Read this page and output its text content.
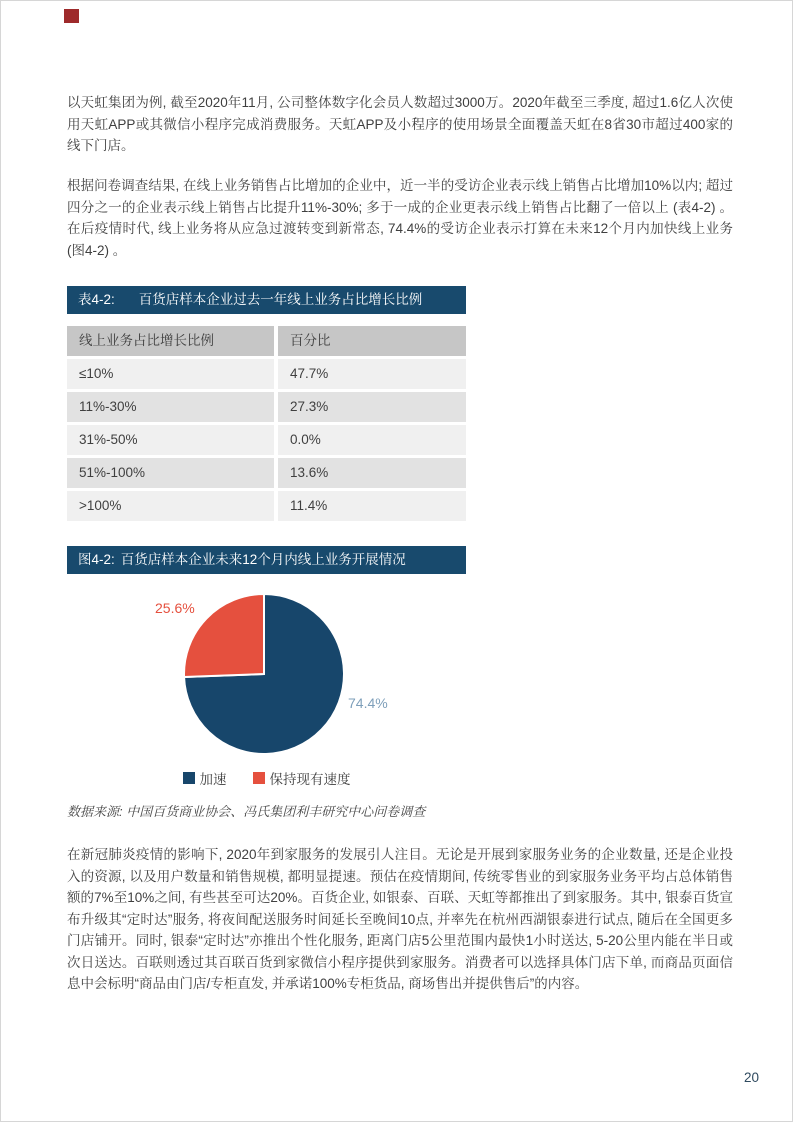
以天虹集团为例, 截至2020年11月, 公司整体数字化会员人数超过3000万。2020年截至三季度, 超过1.6亿人次使用天虹APP或其微信小程序完成消费服务。天虹APP及小程序的使用场景全面覆盖天虹在8省30市超过400家的线下门店。
根据问卷调查结果, 在线上业务销售占比增加的企业中，近一半的受访企业表示线上销售占比增加10%以内; 超过四分之一的企业表示线上销售占比提升11%-30%; 多于一成的企业更表示线上销售占比翻了一倍以上 (表4-2) 。在后疫情时代, 线上业务将从应急过渡转变到新常态, 74.4%的受访企业表示打算在未来12个月内加快线上业务 (图4-2) 。
表4-2: 百货店样本企业过去一年线上业务占比增长比例
线上业务占比增长比例	百分比
≤10%	47.7%
11%-30%	27.3%
31%-50%	0.0%
51%-100%	13.6%
>100%	11.4%
图4-2: 百货店样本企业未来12个月内线上业务开展情况
25.6%
74.4%
加速	保持现有速度
数据来源: 中国百货商业协会、冯氏集团利丰研究中心问卷调查
在新冠肺炎疫情的影响下, 2020年到家服务的发展引人注目。无论是开展到家服务业务的企业数量, 还是企业投入的资源, 以及用户数量和销售规模, 都明显提速。预估在疫情期间, 传统零售业的到家服务业务平均占总体销售额的7%至10%之间, 有些甚至可达20%。百货企业, 如银泰、百联、天虹等都推出了到家服务。其中, 银泰百货宣布升级其“定时达”服务, 将夜间配送服务时间延长至晚间10点, 并率先在杭州西湖银泰进行试点, 随后在全国更多门店铺开。同时, 银泰“定时达”亦推出个性化服务, 距离门店5公里范围内最快1小时送达, 5-20公里内能在半日或次日送达。百联则透过其百联百货到家微信小程序提供到家服务。消费者可以选择具体门店下单, 而商品页面信息中会标明“商品由门店/专柜直发, 并承诺100%专柜货品, 商场售出并提供售后”的内容。
20
